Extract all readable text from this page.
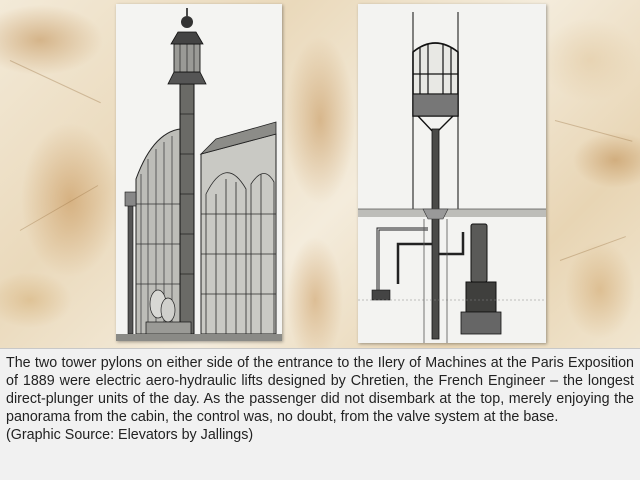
The two tower pylons on either side of the entrance to the Ilery of Machines at the Paris Exposition of 1889 were electric aero-hydraulic lifts designed by Chretien, the French Engineer – the longest direct-plunger units of the day. As the passenger did not disembark at the top, merely enjoying the panorama from the cabin, the control was, no doubt, from the valve system at the base.

(Graphic Source: Elevators by Jallings)
